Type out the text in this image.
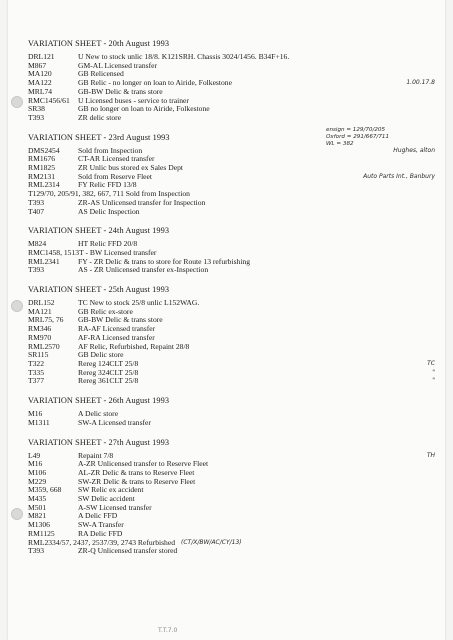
VARIATION SHEET - 20th August 1993
DRL121	U New to stock unlic 18/8. K121SRH. Chassis 3024/1456. B34F+16.
M867	GM-AL Licensed transfer
MA120	GB Relicensed
MA122	GB Relic - no longer on loan to Airide, Folkestone	1.00.17.8
MRL74	GB-BW Delic & trans store
RMC1456/61	U Licensed buses - service to trainer
SR38	GB no longer on loan to Airide, Folkestone
T393	ZR delic store
VARIATION SHEET - 23rd August 1993
DMS2454	Sold from Inspection	Hughes, alton
RM1676	CT-AR Licensed transfer
RM1825	ZR Unlic bus stored ex Sales Dept
RM2131	Sold from Reserve Fleet	Auto Parts Int., Banbury
RML2314	FY Relic FFD 13/8
T129/70, 205/91, 382, 667, 711 Sold from Inspection
T393	ZR-AS Unlicensed transfer for Inspection
T407	AS Delic Inspection
VARIATION SHEET - 24th August 1993
M824	HT Relic FFD 20/8
RMC1458, 1513 T - BW Licensed transfer
RML2341	FY - ZR Delic & trans to store for Route 13 refurbishing
T393	AS - ZR Unlicensed transfer ex-Inspection
VARIATION SHEET - 25th August 1993
DRL152	TC New to stock 25/8 unlic L152WAG.
MA121	GB Relic ex-store
MRL75, 76	GB-BW Delic & trans store
RM346	RA-AF Licensed transfer
RM970	AF-RA Licensed transfer
RML2570	AF Relic, Refurbished, Repaint 28/8
SR115	GB Delic store
T322	Rereg 124CLT 25/8	TC
T335	Rereg 324CLT 25/8	"
T377	Rereg 361CLT 25/8	"
VARIATION SHEET - 26th August 1993
M16	A Delic store
M1311	SW-A Licensed transfer
VARIATION SHEET - 27th August 1993
L49	Repaint 7/8	TH
M16	A-ZR Unlicensed transfer to Reserve Fleet
M106	AL-ZR Delic & trans to Reserve Fleet
M229	SW-ZR Delic & trans to Reserve Fleet
M359, 668	SW Relic ex accident
M435	SW Delic accident
M501	A-SW Licensed transfer
M821	A Delic FFD
M1306	SW-A Transfer
RM1125	RA Delic FFD
RML2334/57, 2437, 2537/39, 2743 Refurbished (CT/X/BW/AC/CY/13)
T393	ZR-Q Unlicensed transfer stored
ensign = 129/70/205
Oxford = 291/667/711
WL = 382
T.T.7.0
